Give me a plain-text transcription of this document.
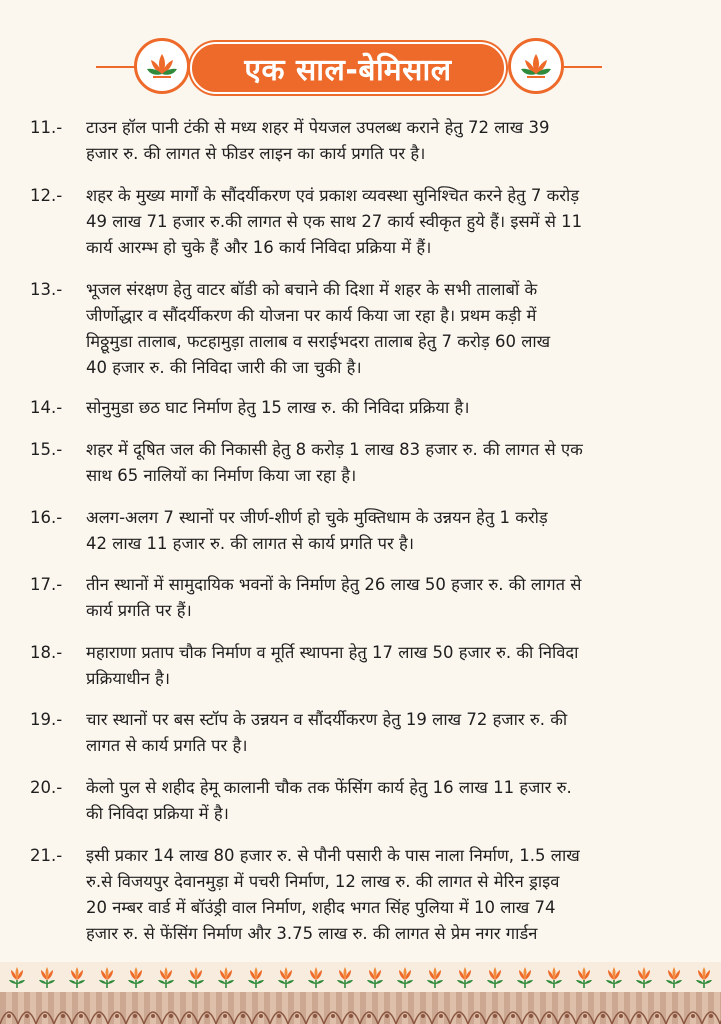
एक साल-बेमिसाल
11.-	टाउन हॉल पानी टंकी से मध्य शहर में पेयजल उपलब्ध कराने हेतु 72 लाख 39
हजार रु. की लागत से फीडर लाइन का कार्य प्रगति पर है।
12.-	शहर के मुख्य मार्गों के सौंदर्यीकरण एवं प्रकाश व्यवस्था सुनिश्चित करने हेतु 7 करोड़
49 लाख 71 हजार रु.की लागत से एक साथ 27 कार्य स्वीकृत हुये हैं। इसमें से 11
कार्य आरम्भ हो चुके हैं और 16 कार्य निविदा प्रक्रिया में हैं।
13.-	भूजल संरक्षण हेतु वाटर बॉडी को बचाने की दिशा में शहर के सभी तालाबों के
जीर्णोद्धार व सौंदर्यीकरण की योजना पर कार्य किया जा रहा है। प्रथम कड़ी में
मिठ्ठूमुडा तालाब, फटहामुड़ा तालाब व सराईभदरा तालाब हेतु 7 करोड़ 60 लाख
40 हजार रु. की निविदा जारी की जा चुकी है।
14.-	सोनुमुडा छठ घाट निर्माण हेतु 15 लाख रु. की निविदा प्रक्रिया है।
15.-	शहर में दूषित जल की निकासी हेतु 8 करोड़ 1 लाख 83 हजार रु. की लागत से एक
साथ 65 नालियों का निर्माण किया जा रहा है।
16.-	अलग-अलग 7 स्थानों पर जीर्ण-शीर्ण हो चुके मुक्तिधाम के उन्नयन हेतु 1 करोड़
42 लाख 11 हजार रु. की लागत से कार्य प्रगति पर है।
17.-	तीन स्थानों में सामुदायिक भवनों के निर्माण हेतु 26 लाख 50 हजार रु. की लागत से
कार्य प्रगति पर हैं।
18.-	महाराणा प्रताप चौक निर्माण व मूर्ति स्थापना हेतु 17 लाख 50 हजार रु. की निविदा
प्रक्रियाधीन है।
19.-	चार स्थानों पर बस स्टॉप के उन्नयन व सौंदर्यीकरण हेतु 19 लाख 72 हजार रु. की
लागत से कार्य प्रगति पर है।
20.-	केलो पुल से शहीद हेमू कालानी चौक तक फेंसिंग कार्य हेतु 16 लाख 11 हजार रु.
की निविदा प्रक्रिया में है।
21.-	इसी प्रकार 14 लाख 80 हजार रु. से पौनी पसारी के पास नाला निर्माण, 1.5 लाख
रु.से विजयपुर देवानमुड़ा में पचरी निर्माण, 12 लाख रु. की लागत से मेरिन ड्राइव
20 नम्बर वार्ड में बॉउंड्री वाल निर्माण, शहीद भगत सिंह पुलिया में 10 लाख 74
हजार रु. से फेंसिंग निर्माण और 3.75 लाख रु. की लागत से प्रेम नगर गार्डन
